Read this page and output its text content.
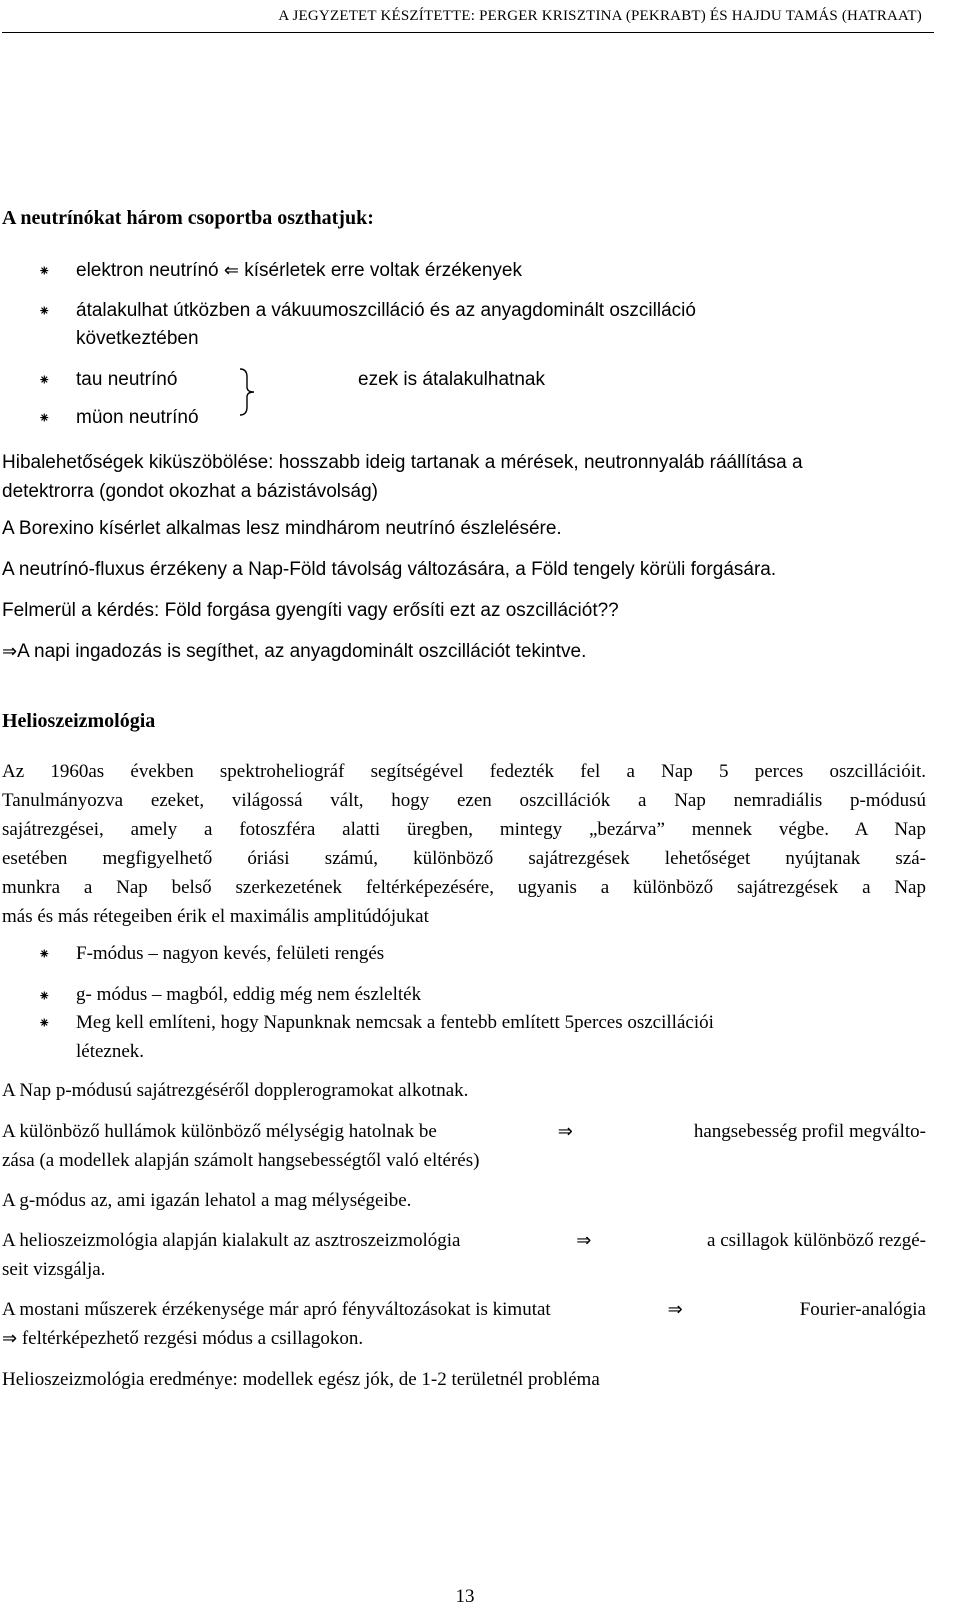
A JEGYZETET KÉSZÍTETTE: PERGER KRISZTINA (PEKRABT) ÉS HAJDU TAMÁS (HATRAAT)
A neutrínókat három csoportba oszthatjuk:
⁕ elektron neutrínó ⇐ kísérletek erre voltak érzékenyek
⁕ átalakulhat útközben a vákuumoszcilláció és az anyagdominált oszcilláció
következtében
⁕ tau neutrínó	ezek is átalakulhatnak
⁕ müon neutrínó
Hibalehetőségek kiküszöbölése: hosszabb ideig tartanak a mérések, neutronnyaláb ráállítása a
detektrorra (gondot okozhat a bázistávolság)
A Borexino kísérlet alkalmas lesz mindhárom neutrínó észlelésére.
A neutrínó-fluxus érzékeny a Nap-Föld távolság változására, a Föld tengely körüli forgására.
Felmerül a kérdés: Föld forgása gyengíti vagy erősíti ezt az oszcillációt??
⇒A napi ingadozás is segíthet, az anyagdominált oszcillációt tekintve.
Helioszeizmológia
Az 1960as években spektroheliográf segítségével fedezték fel a Nap 5 perces oszcillációit.
Tanulmányozva ezeket, világossá vált, hogy ezen oszcillációk a Nap nemradiális p-módusú
sajátrezgései, amely a fotoszféra alatti üregben, mintegy „bezárva” mennek végbe. A Nap
esetében megfigyelhető óriási számú, különböző sajátrezgések lehetőséget nyújtanak szá-
munkra a Nap belső szerkezetének feltérképezésére, ugyanis a különböző sajátrezgések a Nap
más és más rétegeiben érik el maximális amplitúdójukat
⁕ F-módus – nagyon kevés, felületi rengés
⁕ g- módus – magból, eddig még nem észlelték
⁕ Meg kell említeni, hogy Napunknak nemcsak a fentebb említett 5perces oszcillációi
léteznek.
A Nap p-módusú sajátrezgéséről dopplerogramokat alkotnak.
A különböző hullámok különböző mélységig hatolnak be	⇒	hangsebesség profil megválto-
zása (a modellek alapján számolt hangsebességtől való eltérés)
A g-módus az, ami igazán lehatol a mag mélységeibe.
A helioszeizmológia alapján kialakult az asztroszeizmológia	⇒	a csillagok különböző rezgé-
seit vizsgálja.
A mostani műszerek érzékenysége már apró fényváltozásokat is kimutat	⇒	Fourier-analógia
⇒ feltérképezhető rezgési módus a csillagokon.
Helioszeizmológia eredménye: modellek egész jók, de 1-2 területnél probléma
13
